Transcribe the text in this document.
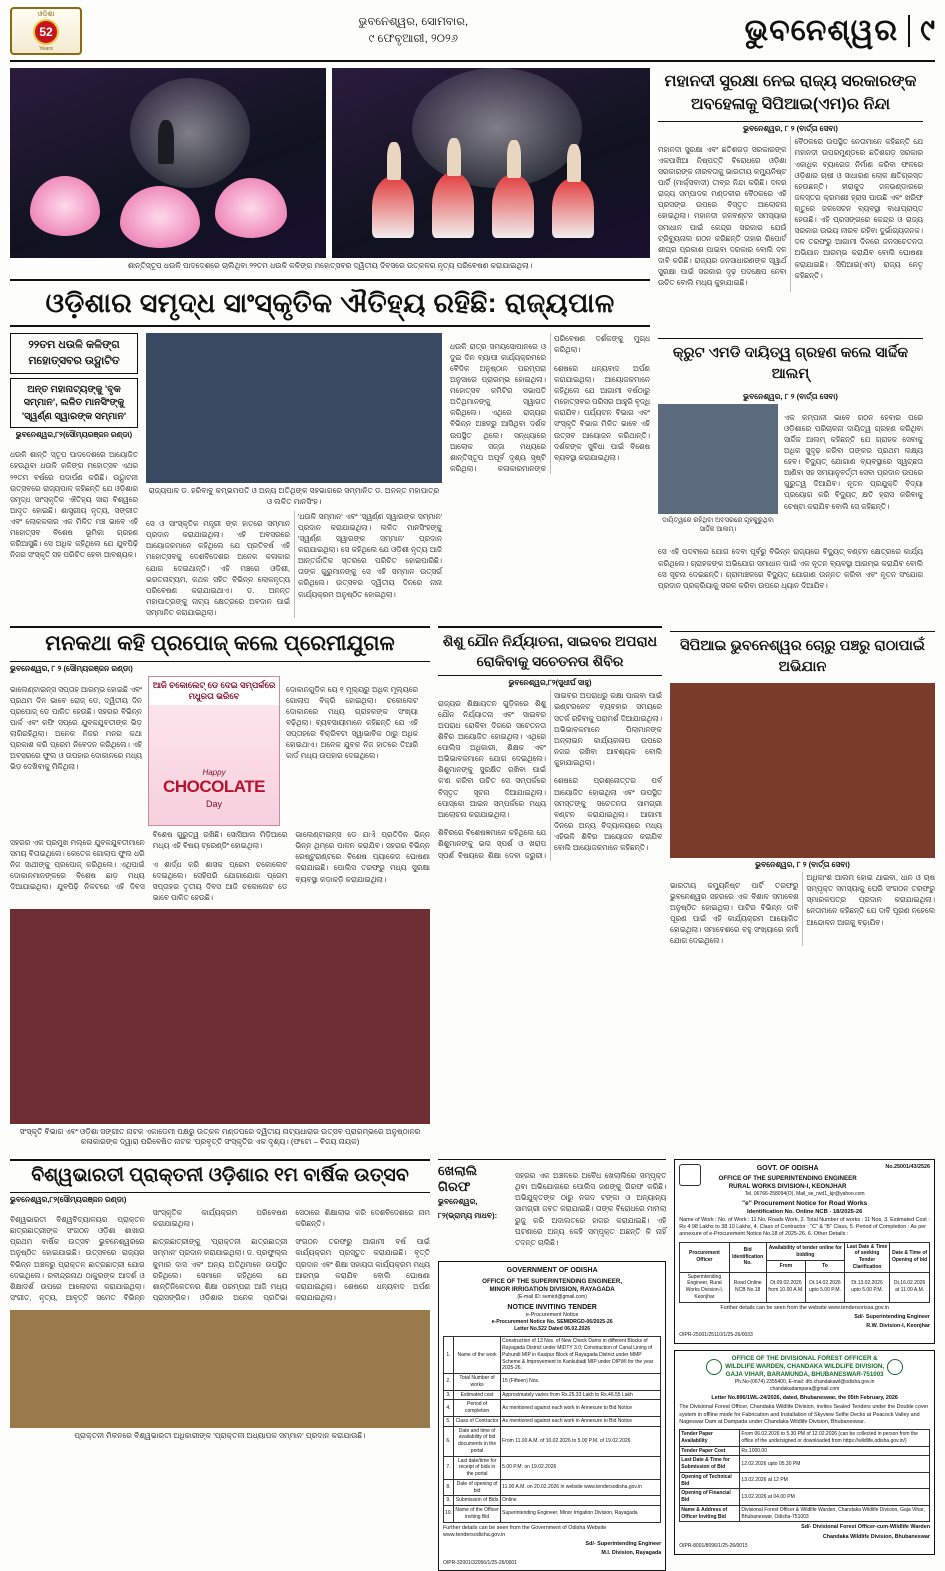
ଓଡ଼ିଶା
52
Years
ଭୁବନେଶ୍ୱର, ସୋମବାର,
୯ ଫେବୃଆରୀ, ୨୦୨୬	ଭୁବନେଶ୍ୱର ୯
ଶାନ୍ତିସ୍ତୂପ ଧଉଳି ପାଦଦେଶରେ ଚାଲିଥିବା ୨୨ତମ ଧଉଳି କଳିଙ୍ଗ ମହୋତ୍ସବର ଦ୍ୱିତୀୟ ଦିବସରେ ଉତ୍କଳର ନୃତ୍ୟ ପରିବେଷଣ କରାଯାଇଥିଲା।
ଓଡ଼ିଶାର ସମୃଦ୍ଧ ସାଂସ୍କୃତିକ ଐତିହ୍ୟ ରହିଛି: ରାଜ୍ୟପାଳ
ମହାନଦୀ ସୁରକ୍ଷା ନେଇ ରାଜ୍ୟ ସରକାରଙ୍କ ଅବହେଳାକୁ ସିପିଆଇ(ଏମ)ର ନିନ୍ଦା
ଭୁବନେଶ୍ୱର, ୮ ୨ (ବାର୍ତ୍ତା ସେବା)

ମହାନଦୀ ସୁରକ୍ଷା ଏବଂ ଛତିଶଗଡ଼ ସରକାରଙ୍କ ଏକପାଖିଆ ନିଷ୍ପତ୍ତି ବିରୋଧରେ ଓଡ଼ିଶା ସରକାରଙ୍କ ନୀରବତାକୁ ଭାରତୀୟ କମ୍ୟୁନିଷ୍ଟ ପାର୍ଟି (ମାର୍କ୍ସବାଦୀ) ତୀବ୍ର ନିନ୍ଦା କରିଛି। ଦଳର ରାଜ୍ୟ ସମ୍ପାଦକ ମଣ୍ଡଳୀର ବୈଠକରେ ଏହି ପ୍ରସଙ୍ଗ ଉପରେ ବିସ୍ତୃତ ଆଲୋଚନା ହୋଇଥିଲା। ମହାନଦୀ ଜଳବଣ୍ଟନ ସମସ୍ୟାର ସମାଧାନ ପାଇଁ କେନ୍ଦ୍ର ସରକାର ଯେଉଁ ଟ୍ରିବ୍ୟୁନାଲ ଗଠନ କରିଛନ୍ତି ତାହାର ରିପୋର୍ଟ ଶୀଘ୍ର ପ୍ରକାଶ ପାଇବା ଦରକାର ବୋଲି ଦଳ ଦାବି କରିଛି। ରାଜ୍ୟର ଜନସାଧାରଣଙ୍କ ସ୍ୱାର୍ଥ ସୁରକ୍ଷା ପାଇଁ ସରକାର ଦୃଢ଼ ପଦକ୍ଷେପ ନେବା ଉଚିତ ବୋଲି ମଧ୍ୟ କୁହାଯାଇଛି।

ବୈଠକରେ ଉପସ୍ଥିତ ନେତାମାନେ କହିଛନ୍ତି ଯେ ମହାନଦୀ ଉପରମୁଣ୍ଡରେ ଛତିଶଗଡ଼ ସରକାର ଏକାଧିକ ବ୍ୟାରେଜ ନିର୍ମାଣ କରିବା ଫଳରେ ଓଡ଼ିଶାର ଚାଷୀ ଓ ସାଧାରଣ ଲୋକ କ୍ଷତିଗ୍ରସ୍ତ ହେଉଛନ୍ତି। ହୀରାକୁଦ ଜଳଭଣ୍ଡାରରେ ଜଳସ୍ତର କ୍ରମଶଃ ହ୍ରାସ ପାଉଛି ଏବଂ ଖରିଫ ଋତୁରେ ଜଳସେଚନ ବ୍ୟବସ୍ଥା ବାଧାପ୍ରାପ୍ତ ହେଉଛି। ଏହି ପ୍ରସଙ୍ଗରେ କେନ୍ଦ୍ର ଓ ରାଜ୍ୟ ସରକାର ଉଭୟ ନୀରବ ରହିବା ଦୁର୍ଭାଗ୍ୟଜନକ। ଦଳ ତରଫରୁ ଆଗାମୀ ଦିନରେ ଜନସଚେତନତା ଅଭିଯାନ ଆରମ୍ଭ କରାଯିବ ବୋଲି ଘୋଷଣା କରାଯାଇଛି। ସିପିଆଇ(ଏମ) ରାଜ୍ୟ ନେତୃ କହିଛନ୍ତି।

୨୨ତମ ଧଉଳି କଳିଙ୍ଗ ମହୋତ୍ସବର ଉଦ୍ଘାଟିତ
ଅନ୍ତ ମହାନାଟ୍ୟଙ୍କୁ 'ବୃକ ସମ୍ମାନ', ଲଳିତ ମାନସିଂଙ୍କୁ 'ସ୍ୱର୍ଣ୍ଣ ସ୍ୱାରଙ୍କ ସମ୍ମାନ'
ଭୁବନେଶ୍ୱର,୮୨(ସୌମ୍ୟରଞ୍ଜନ ରଣ୍ଡା)

ଧଉଳି ଶାନ୍ତି ସ୍ତୂପ ପାଦଦେଶରେ ଆୟୋଜିତ ହେଉଥିବା ଧଉଳି କଳିଙ୍ଗ ମହୋତ୍ସବ ଏଥର ୨୨ତମ ବର୍ଷରେ ପଦାର୍ପଣ କରିଛି। ଉଦ୍ଘାଟନୀ ଉତ୍ସବରେ ରାଜ୍ୟପାଳ କହିଛନ୍ତି ଯେ ଓଡ଼ିଶାର ସମୃଦ୍ଧ ସାଂସ୍କୃତିକ ଐତିହ୍ୟ ସାରା ବିଶ୍ୱରେ ଆଦୃତ ହୋଇଛି। ଶାସ୍ତ୍ରୀୟ ନୃତ୍ୟ, ସଙ୍ଗୀତ ଏବଂ ଲୋକକଳାର ଏକ ମିଳିତ ମଞ୍ଚ ଭାବେ ଏହି ମହୋତ୍ସବ ବିଶେଷ ଭୂମିକା ଗ୍ରହଣ କରିଆସୁଛି। ସେ ଅଧିକ କହିଥିଲେ ଯେ ଯୁବପିଢ଼ି ନିଜର ସଂସ୍କୃତି ସହ ପରିଚିତ ହେବା ଆବଶ୍ୟକ।

ରାଜ୍ୟପାଳ ଡ. ହରିବାବୁ କମ୍ଭମପତି ଓ ଅନ୍ୟ ଅତିଥିଙ୍କ ସହଭାଗରେ ସମ୍ମାନିତ ଡ. ଅନନ୍ତ ମହାପାତ୍ର ଓ ଲଳିତ ମାନସିଂହ।

ସେ ଓ ସାଂସ୍କୃତିକ ମନ୍ତ୍ରୀ ଙ୍କ ହାତରେ ସମ୍ମାନ ପ୍ରଦାନ କରାଯାଇଥିଲା। ଏହି ଅବସରରେ ଆୟୋଜକମାନେ କହିଥିଲେ ଯେ ପ୍ରତିବର୍ଷ ଏହି ମହୋତ୍ସବକୁ ଦେଶବିଦେଶର ଅନେକ କଳାକାର ଯୋଗ ଦେଇଥାନ୍ତି। ଏହି ମଞ୍ଚରେ ଓଡ଼ିଶୀ, ଭରତନାଟ୍ୟମ, କଥକ ସହିତ ବିଭିନ୍ନ ଲୋକନୃତ୍ୟ ପରିବେଷଣ କରାଯାଇଥାଏ। ଡ. ଅନନ୍ତ ମହାପାତ୍ରଙ୍କୁ ନାଟ୍ୟ କ୍ଷେତ୍ରରେ ଅବଦାନ ପାଇଁ ସମ୍ମାନିତ କରାଯାଇଥିଲା।

'ଧଉଳି ସମ୍ମାନ' ଏବଂ 'ସ୍ୱର୍ଣ୍ଣ ସ୍ୱାରଙ୍କ ସମ୍ମାନ' ପ୍ରଦାନ କରାଯାଇଥିଲା। ଲଳିତ ମାନସିଂହଙ୍କୁ 'ସ୍ୱର୍ଣ୍ଣ ସ୍ୱାରଙ୍କ ସମ୍ମାନ' ପ୍ରଦାନ କରାଯାଇଥିଲା। ସେ କହିଥିଲେ ଯେ ଓଡ଼ିଶୀ ନୃତ୍ୟ ଆଜି ଆନ୍ତର୍ଜାତିକ ସ୍ତରରେ ପରିଚିତ ହୋଇପାରିଛି। ତାଙ୍କ ଗୁରୁମାନଙ୍କୁ ସେ ଏହି ସମ୍ମାନ ଉତ୍ସର୍ଗ କରିଥିଲେ। ଉତ୍ସବର ଦ୍ୱିତୀୟ ଦିନରେ ନାନା କାର୍ଯ୍ୟକ୍ରମ ଅନୁଷ୍ଠିତ ହୋଇଥିଲା।

ଧଉଳି ରାତ୍ର ସମୟସୋପାନରେ ଓ ଦୁଇ ଦିନ ବ୍ୟାପୀ କାର୍ଯ୍ୟକ୍ରମରେ ବୈଦିକ ଅନୁଷ୍ଠାନ ପରମ୍ପରା ଅନୁସାରେ ପ୍ରାରମ୍ଭ ହୋଇଥିଲା। ମହୋତ୍ସବ କମିଟିର ସଭାପତି ଅତିଥିମାନଙ୍କୁ ସ୍ୱାଗତ କରିଥିଲେ। ଏଥିରେ ରାଜ୍ୟର ବିଭିନ୍ନ ଅଞ୍ଚଳରୁ ଆସିଥିବା ଦର୍ଶକ ଉପସ୍ଥିତ ଥିଲେ। ସନ୍ଧ୍ୟାରେ ଆଲୋକ ସଜ୍ଜା ମଧ୍ୟରେ ଶାନ୍ତିସ୍ତୂପ ଅପୂର୍ବ ଦୃଶ୍ୟ ସୃଷ୍ଟି କରିଥିଲା। କଳାକାରମାନଙ୍କ ପରିବେଷଣ ଦର୍ଶକଙ୍କୁ ମୁଗ୍ଧ କରିଥିଲା।

ଶେଷରେ ଧନ୍ୟବାଦ ଅର୍ପଣ କରାଯାଇଥିଲା। ଆୟୋଜକମାନେ କହିଥିଲେ ଯେ ଆଗାମୀ ବର୍ଷଠାରୁ ମହୋତ୍ସବର ପରିସର ଆହୁରି ବୃଦ୍ଧି କରାଯିବ। ପର୍ଯ୍ୟଟନ ବିଭାଗ ଏବଂ ସଂସ୍କୃତି ବିଭାଗ ମିଳିତ ଭାବେ ଏହି ଉତ୍ସବ ଆୟୋଜନ କରିଥାନ୍ତି। ଦର୍ଶକଙ୍କ ସୁବିଧା ପାଇଁ ବିଶେଷ ବ୍ୟବସ୍ଥା କରାଯାଇଥିଲା।

କ୍ରୁଟ ଏମଡି ଦାୟିତ୍ୱ ଗ୍ରହଣ କଲେ ସାର୍ଦ୍ଦିକ ଆଲମ୍
ଭୁବନେଶ୍ୱର, ୮ ୨ (ବାର୍ତ୍ତା ସେବା)
ଦାୟିତ୍ୱରେ ରହିଥିବା ଅବସରରେ ଗୃହକୁରୁଥିବା ସାର୍ଦ୍ଦିକ ଆଲମ୍।

ଏକ କମ୍ପାନୀ ଭାବେ ଗଠନ ହେବାର ପରେ ଓଡ଼ିଶାରେ ପରିଚାଳନା ଦାୟିତ୍ୱ ଗ୍ରହଣ କରିଥିବା ସାର୍ଦ୍ଦିକ ଆଲମ୍ କହିଛନ୍ତି ଯେ ଗ୍ରାହକ ସେବାକୁ ଅଧିକ ସୁଦୃଢ଼ କରିବା ତାଙ୍କର ପ୍ରଥମ ଲକ୍ଷ୍ୟ ହେବ। ବିଦ୍ୟୁତ୍ ଯୋଗାଣ ବ୍ୟବସ୍ଥାରେ ସ୍ୱଚ୍ଛତା ଆଣିବା ସହ ସମୟାନୁବର୍ତ୍ତୀ ସେବା ପ୍ରଦାନ ଉପରେ ଗୁରୁତ୍ୱ ଦିଆଯିବ। ନୂତନ ପ୍ରଯୁକ୍ତି ବିଦ୍ୟା ପ୍ରୟୋଗ କରି ବିଦ୍ୟୁତ୍ କ୍ଷତି ହ୍ରାସ କରିବାକୁ ଚେଷ୍ଟା କରାଯିବ ବୋଲି ସେ କହିଛନ୍ତି।

ସେ ଏହି ପଦବୀରେ ଯୋଗ ଦେବା ପୂର୍ବରୁ ବିଭିନ୍ନ ରାଜ୍ୟରେ ବିଦ୍ୟୁତ୍ ବଣ୍ଟନ କ୍ଷେତ୍ରରେ କାର୍ଯ୍ୟ କରିଥିଲେ। ଗ୍ରାହକଙ୍କ ଅଭିଯୋଗ ସମାଧାନ ପାଇଁ ଏକ ନୂତନ ବ୍ୟବସ୍ଥା ଆରମ୍ଭ କରାଯିବ ବୋଲି ସେ ସୂଚନା ଦେଇଛନ୍ତି। ଗ୍ରାମାଞ୍ଚଳରେ ବିଦ୍ୟୁତ୍ ଯୋଗାଣ ଉନ୍ନତ କରିବା ଏବଂ ନୂତନ ସଂଯୋଗ ପ୍ରଦାନ ପ୍ରକ୍ରିୟାକୁ ସରଳ କରିବା ଉପରେ ଧ୍ୟାନ ଦିଆଯିବ।

ମନକଥା କହି ପ୍ରପୋଜ୍ କଲେ ପ୍ରେମୀଯୁଗଳ
ଭୁବନେଶ୍ୱର, ୮ ୨ (ସୌମ୍ୟରଞ୍ଜନ ରଣ୍ଡା)

ଭାଲେଣ୍ଟାଇନ୍ସ ସପ୍ତାହ ଆରମ୍ଭ ହୋଇଛି ଏବଂ ପ୍ରଥମ ଦିନ ଭାବେ ରୋଜ୍ ଡେ, ଦ୍ୱିତୀୟ ଦିନ ପ୍ରପୋଜ୍ ଡେ ପାଳିତ ହେଉଛି। ସହରର ବିଭିନ୍ନ ପାର୍କ ଏବଂ କଫି ସପ୍‌ରେ ଯୁବକଯୁବତୀଙ୍କ ଭିଡ଼ ଲାଗିରହିଥିଲା। ଅନେକ ନିଜର ମନର କଥା ପ୍ରକାଶ କରି ପ୍ରେମ ନିବେଦନ କରିଥିଲେ। ଏହି ଅବସରରେ ଫୁଲ ଓ ଉପହାର ଦୋକାନରେ ମଧ୍ୟ ଭିଡ଼ ଦେଖିବାକୁ ମିଳିଥିଲା।

ଆଜି ଚକୋଲେଟ୍ ଡେ ଦେଇ ସମ୍ପର୍କରେ ମଧୁରତା ଭରିବେ
Happy
CHOCOLATE
Day

ଦୋକାନଗୁଡ଼ିକ ୟେ ୧ ମୂଲ୍ୟରୁ ଅଧିକ ମୂଲ୍ୟରେ ଗୋଲାପ ବିକ୍ରି ହୋଇଥିଲା। ଚକୋଲେଟ ଦୋକାନରେ ମଧ୍ୟ ଗ୍ରାହକଙ୍କ ସଂଖ୍ୟା ବଢ଼ିଥିଲା। ବ୍ୟବସାୟୀମାନେ କହିଛନ୍ତି ଯେ ଏହି ସପ୍ତାହରେ ବିକ୍ରିବଟା ସ୍ୱାଭାବିକ ଠାରୁ ଅଧିକ ହୋଇଥାଏ। ଅନେକ ଯୁବକ ନିଜ ହାତରେ ତିଆରି କାର୍ଡ ମଧ୍ୟ ଉପହାର ଦେଇଥିଲେ।

ସହରର ଏକ ପ୍ରମୁଖ ମଲ୍‌ରେ ଯୁବକଯୁବତୀମାନେ ସମୟ ବିତାଇଥିଲେ। କେତେକ ଗୋଲାପ ଫୁଲ ଧରି ନିଜ ସାଥୀଙ୍କୁ ପ୍ରପୋଜ୍ କରିଥିଲେ। ଏଥିପାଇଁ ଦୋକାନମାନଙ୍କରେ ବିଶେଷ ଛାଡ଼ ମଧ୍ୟ ଦିଆଯାଇଥିଲା। ଯୁବପିଢ଼ି ନିକଟରେ ଏହି ଦିବସ ବିଶେଷ ଗୁରୁତ୍ୱ ରଖିଛି। ସୋସିଆଲ ମିଡ଼ିଆରେ ମଧ୍ୟ ଏହି ବିଷୟ ଟ୍ରେଣ୍ଡିଂ ହୋଇଥିଲା।

ଏ ଶାର୍ଦ୍ଧ କରି ଶାସକ ପ୍ରେମ ଚକୋଲେଟ ଦେଇଥିଲେ। ସେହିପରି ଯୋଗାଯୋଗ ପ୍ରେମ ସପ୍ତାହର ତୃତୀୟ ଦିବସ ଆଜି ଚକୋଲେଟ ଡେ ଭାବେ ପାଳିତ ହେଉଛି।

ଭାଲେଣ୍ଟାଇନ୍ସ ଡେ ଯାଏଁ ପ୍ରତିଦିନ ଭିନ୍ନ ଭିନ୍ନ ଥିମ୍‌ରେ ପାଳନ କରାଯିବ। ସହରର ବିଭିନ୍ନ ରେଷ୍ଟୁରାଣ୍ଟରେ ବିଶେଷ ପ୍ୟାକେଜ ଘୋଷଣା କରାଯାଇଛି। ପୋଲିସ ତରଫରୁ ମଧ୍ୟ ସୁରକ୍ଷା ବ୍ୟବସ୍ଥା କଡ଼ାକଡ଼ି କରାଯାଇଥିଲା।

ସଂସ୍କୃତି ବିଭାଗ ଏବଂ ଓଡ଼ିଶା ସଙ୍ଗୀତ ନାଟକ ଏକାଡେମୀ ପକ୍ଷରୁ ଉତ୍କଳ ମଣ୍ଡପରେ ଦ୍ୱିତୀୟ ନାଟ୍ୟଧାରାର ଉତ୍ସବ ପ୍ରାରମ୍ଭରେ ଅନୁଷ୍ଠାନର କଳାକାରଙ୍କ ଦ୍ୱାରା ପରିବେଷିତ ନାଟକ 'ପ୍ରବୃତ୍ତି ସଂସ୍କୃତିର ଏକ ଦୃଶ୍ୟ। (ଫଟୋ – ବିଜୟ ନାୟକ)
ଶିଶୁ ଯୌନ ନିର୍ଯ୍ୟାତନା, ସାଇବର ଅପରାଧ ରୋକିବାକୁ ସଚେତନତା ଶିବିର
ଭୁବନେଶ୍ୱର,୮୨(ସୁଧୀର୍ଘ ସାହୁ)

ରାଜ୍ୟର ଶିକ୍ଷାୟତନ ଗୁଡ଼ିକରେ ଶିଶୁ ଯୌନ ନିର୍ଯ୍ୟାତନା ଏବଂ ସାଇବର ଅପରାଧ ରୋକିବା ଦିଗରେ ସଚେତନତା ଶିବିର ଆୟୋଜିତ ହୋଇଥିଲା। ଏଥିରେ ପୋଲିସ ଅଧିକାରୀ, ଶିକ୍ଷକ ଏବଂ ଅଭିଭାବକମାନେ ଯୋଗ ଦେଇଥିଲେ। ଶିଶୁମାନଙ୍କୁ ସୁରକ୍ଷିତ ରଖିବା ପାଇଁ କ'ଣ କରିବା ଉଚିତ ସେ ସମ୍ପର୍କରେ ବିସ୍ତୃତ ସୂଚନା ଦିଆଯାଇଥିଲା। ପୋସ୍କୋ ଆଇନ ସମ୍ପର୍କରେ ମଧ୍ୟ ଆଲୋଚନା କରାଯାଇଥିଲା।

ଶିବିରରେ ବିଶେଷଜ୍ଞମାନେ କହିଥିଲେ ଯେ ଶିଶୁମାନଙ୍କୁ ଭଲ ସ୍ପର୍ଶ ଓ ଖରାପ ସ୍ପର୍ଶ ବିଷୟରେ ଶିକ୍ଷା ଦେବା ଜରୁରୀ। ସାଇବର ଅପରାଧରୁ ରକ୍ଷା ପାଇବା ପାଇଁ ଇଣ୍ଟରନେଟ ବ୍ୟବହାର ସମୟରେ ସତର୍କ ରହିବାକୁ ପରାମର୍ଶ ଦିଆଯାଇଥିଲା। ଅଭିଭାବକମାନେ ପିଲାମାନଙ୍କ ଅନ୍‌ଲାଇନ କାର୍ଯ୍ୟକଳାପ ଉପରେ ନଜର ରଖିବା ଆବଶ୍ୟକ ବୋଲି କୁହାଯାଇଥିଲା।

ଶେଷରେ ପ୍ରଶ୍ନୋତ୍ତର ପର୍ବ ଆୟୋଜିତ ହୋଇଥିଲା ଏବଂ ଉପସ୍ଥିତ ସମସ୍ତଙ୍କୁ ସଚେତନତା ସାମଗ୍ରୀ ବଣ୍ଟନ କରାଯାଇଥିଲା। ଆଗାମୀ ଦିନରେ ଅନ୍ୟ ବିଦ୍ୟାଳୟରେ ମଧ୍ୟ ଏହିଭଳି ଶିବିର ଆୟୋଜନ କରାଯିବ ବୋଲି ଆୟୋଜକମାନେ କହିଛନ୍ତି।

ସିପିଆଇ ଭୁବନେଶ୍ୱର ଚୋରୁ ପଞ୍ଚରୁ ରାଠାପାଇଁ ଅଭିଯାନ
ଭୁବନେଶ୍ୱର, ୮ ୨ (ବାର୍ତ୍ତା ସେବା)

ଭାରତୀୟ କମ୍ୟୁନିଷ୍ଟ ପାର୍ଟି ତରଫରୁ ଭୁବନେଶ୍ୱର ସହରରେ ଏକ ବିଶାଳ ସମାବେଶ ଅନୁଷ୍ଠିତ ହୋଇଥିଲା। ପାଟିର ବିଭିନ୍ନ ଦାବି ପୂରଣ ପାଇଁ ଏହି କାର୍ଯ୍ୟକ୍ରମ ଆୟୋଜିତ ହୋଇଥିଲା। ସମାବେଶରେ ବହୁ ସଂଖ୍ୟାରେ କର୍ମୀ ଯୋଗ ଦେଇଥିଲେ।

ଅଧିକାଂଶ ଆଲମ ହୋଇ ଥାଇବା, ଧାନ ଓ ଚାଷ ସମ୍ପୃକ୍ତ ସମସ୍ୟାକୁ ଘେରି ସଂଗଠନ ତରଫରୁ ସ୍ମାରକପତ୍ର ପ୍ରଦାନ କରାଯାଇଥିଲା। ନେତାମାନେ କହିଛନ୍ତି ଯେ ଦାବି ପୂରଣ ନହେଲେ ଆନ୍ଦୋଳନ ଆଗକୁ ବଢ଼ାଯିବ।

ବିଶ୍ୱଭାରତୀ ପ୍ରାକ୍ତନୀ ଓଡ଼ିଶାର ୧ମ ବାର୍ଷିକ ଉତ୍ସବ
ଭୁବନେଶ୍ୱର,୮୨(ସୌମ୍ୟରଞ୍ଜନ ରଣ୍ଡା)

ବିଶ୍ୱଭାରତୀ ବିଶ୍ୱବିଦ୍ୟାଳୟର ପ୍ରାକ୍ତନ ଛାତ୍ରଛାତ୍ରୀଙ୍କ ସଂଗଠନ ଓଡ଼ିଶା ଶାଖାର ପ୍ରଥମ ବାର୍ଷିକ ଉତ୍ସବ ଭୁବନେଶ୍ୱରରେ ଅନୁଷ୍ଠିତ ହୋଇଯାଇଛି। ଉତ୍ସବରେ ରାଜ୍ୟର ବିଭିନ୍ନ ଅଞ୍ଚଳରୁ ପ୍ରାକ୍ତନ ଛାତ୍ରଛାତ୍ରୀ ଯୋଗ ଦେଇଥିଲେ। ରବୀନ୍ଦ୍ରନାଥ ଠାକୁରଙ୍କ ଆଦର୍ଶ ଓ ଶିକ୍ଷାଦର୍ଶ ଉପରେ ଆଲୋଚନା କରାଯାଇଥିଲା। ସଂଗୀତ, ନୃତ୍ୟ, ଆବୃତ୍ତି ସମେତ ବିଭିନ୍ନ ସାଂସ୍କୃତିକ କାର୍ଯ୍ୟକ୍ରମ ପରିବେଷଣ କରାଯାଇଥିଲା।

ଛାତ୍ରଛାତ୍ରୀଙ୍କୁ 'ପ୍ରାକ୍ତନୀ ଛାତ୍ରଛାତ୍ରୀ ସମ୍ମାନ' ପ୍ରଦାନ କରାଯାଇଥିଲା। ଡ. ପ୍ରଫୁଲ୍ଲ କୁମାର ଦାସ ଏବଂ ଅନ୍ୟ ଅତିଥିମାନେ ଉପସ୍ଥିତ ରହିଥିଲେ। ସେମାନେ କହିଥିଲେ ଯେ ଶାନ୍ତିନିକେତନର ଶିକ୍ଷା ପରମ୍ପରା ଆଜି ମଧ୍ୟ ପ୍ରାସଙ୍ଗିକ। ଓଡ଼ିଶାର ଅନେକ ପ୍ରତିଭା ସେଠାରେ ଶିକ୍ଷାଲାଭ କରି ଦେଶବିଦେଶରେ ନାମ କରିଛନ୍ତି।

ସଂଗଠନ ତରଫରୁ ଆଗାମୀ ବର୍ଷ ପାଇଁ କାର୍ଯ୍ୟକ୍ରମ ପ୍ରସ୍ତୁତ କରାଯାଇଛି। ବୃତ୍ତି ପ୍ରଦାନ ଏବଂ ଶିକ୍ଷା ସହାୟତା କାର୍ଯ୍ୟକ୍ରମ ମଧ୍ୟ ଆରମ୍ଭ କରାଯିବ ବୋଲି ଘୋଷଣା କରାଯାଇଥିଲା। ଶେଷରେ ଧନ୍ୟବାଦ ଅର୍ପଣ କରାଯାଇଥିଲା।

ପ୍ରାକ୍ତନୀ ମିଳନରେ ବିଶ୍ୱଭାରତୀ ଅଧିକାରୀଙ୍କ 'ପ୍ରାକ୍ତନୀ ଅଧ୍ୟାପକ ସମ୍ମାନ' ପ୍ରଦାନ କରାଯାଉଛି।
ଖେଲାଲି ଗିରଫ
ଭୁବନେଶ୍ୱର,
୮୨(ଭ୍ରାମ୍ୟ ମାଧବ):

ସହରର ଏକ ଅଞ୍ଚଳରେ ଅବୈଧ ଖେଲାଲିରେ ସମ୍ପୃକ୍ତ ଥିବା ଅଭିଯୋଗରେ ପୋଲିସ ଜଣଙ୍କୁ ଗିରଫ କରିଛି। ଅଭିଯୁକ୍ତଙ୍କ ଠାରୁ ନଗଦ ଟଙ୍କା ଓ ଅନ୍ୟାନ୍ୟ ସାମଗ୍ରୀ ଜବତ କରାଯାଇଛି। ତାଙ୍କ ବିରୋଧରେ ମାମଲା ରୁଜୁ କରି ଅଦାଲତରେ ହାଜର କରାଯାଇଛି। ଏହି ଘଟଣାରେ ଅନ୍ୟ କେହି ସମ୍ପୃକ୍ତ ଅଛନ୍ତି କି ନାହିଁ ତଦନ୍ତ ଚାଲିଛି।

GOVERNMENT OF ODISHA
OFFICE OF THE SUPERINTENDING ENGINEER,
MINOR IRRIGATION DIVISION, RAYAGADA
(E-mail ID: semird@gmail.com)
NOTICE INVITING TENDER
e-Procurement Notice
e-Procurement Notice No. SEMIDRGD-06/2025-26
Letter No.522 Dated 06.02.2026
1.	Name of the work	Construction of 13 Nos. of New Check Dams in different Blocks of Rayagada District under MIDTY 3.0; Construction of Canal Lining of Puhundi MIP in Kasipur Block of Rayagada District under MMP Scheme & Improvement to Kankubadi MIP under DIPWI for the year 2025-26.
2.	Total Number of works	15 (Fifteen) Nos.
3.	Estimated cost	Approximately varies from Rs.25.33 Lakh to Rs.46.55 Lakh
4.	Period of completion	As mentioned against each work in Annexure to Bid Notice
5.	Class of Contractor	As mentioned against each work in Annexure to Bid Notice
6.	Date and time of availability of bid documents in the portal	From 11.00 A.M. of 10.02.2026 to 5.00 P.M. of 19.02.2026
7.	Last date/time for receipt of bids in the portal	5.00 P.M. on 19.02.2026
8.	Date of opening of bid	11.00 A.M. on 20.02.2026 in website www.tendersodisha.gov.in
9.	Submission of Bids	Online
10.	Name of the Officer inviting Bid	Superintending Engineer, Minor Irrigation Division, Rayagada
Further details can be seen from the Government of Odisha Website www.tendersodisha.gov.in
Sd/- Superintending Engineer
M.I. Division, Rayagada
OIPR-32001/32056/1/25-26/0001
GOVT. OF ODISHA
OFFICE OF THE SUPERINTENDING ENGINEER
RURAL WORKS DIVISION-I, KEONJHAR
No.25001/43/2526
Tel. 06766-258094(O), Mail_se_rwd1_kjr@yahoo.com
"e" Procurement Notice for Road Works
Identification No. Online NCB - 18/2025-26
Name of Work : No. of Work : 11 No. Roads Work, 2. Total Number of works : 11 Nos, 3. Estimated Cost : Rs 4.98 Lakhs to 38.10 Lakhs, 4. Class of Contractor : "C" & "B" Class, 5. Period of Completion : As per annexure of e-Procurement Notice No.18 of 2025-26. 6. Other Details :
Procurement Officer	Bid Identification No.	Availability of tender online for bidding		Last Date & Time of seeking Tender Clarification	Date & Time of Opening of bid
		From	To		
Superintending Engineer, Rural Works Division-I, Keonjhar	Road Online NCB No.18	Dt.09.02.2026 from 10.00 A.M.	Dt.14.02.2026 upto 5.00 P.M.	Dt.13.02.2026 upto 5.00 P.M.	Dt.16.02.2026 at 11.00 A.M.
Further details can be seen from the website www.tendersorissa.gov.in
Sd/- Superintending Engineer
R.W. Division-I, Keonjhar
OIPR-25001/25110/1/25-26/0033
OFFICE OF THE DIVISIONAL FOREST OFFICER &
WILDLIFE WARDEN, CHANDAKA WILDLIFE DIVISION,
GAJA VIHAR, BARAMUNDA, BHUBANESWAR-751003
Ph.No-(0674) 2355400, E-mail: dfo.chandakawl@odisha.gov.in
chandakadampara@gmail.com
Letter No.896/1WL-24/2026, dated, Bhubaneswar, the 05th February, 2026
The Divisional Forest Officer, Chandaka Wildlife Division, invites Sealed Tenders under the Double cover system in offline mode for Fabrication and Installation of Skyview Selfie Decks at Peacock Valley and Nageswar Dam at Dampada under Chandaka Wildlife Division, Bhubaneswar.
Tender Paper Availability	From 06.02.2026 to 5.30 PM of 12.02.2026 (can be collected in person from the office of the undersigned or downloaded from https://wildlife.odisha.gov.in/)
Tender Paper Cost	Rs.1000.00
Last Date & Time for Submission of Bid	12.02.2026 upto 05.30 PM
Opening of Technical Bid	13.02.2026 at 12 PM
Opening of Financial Bid	13.02.2026 at 04.00 PM
Name & Address of Officer Inviting Bid	Divisional Forest Officer & Wildlife Warden, Chandaka Wildlife Division, Gaja Vihar, Bhubaneswar, Odisha-751003
Sd/- Divisional Forest Officer-cum-Wildlife Warden
Chandaka Wildlife Division, Bhubaneswar
OIPR-8001/8096/1/25-26/0015
